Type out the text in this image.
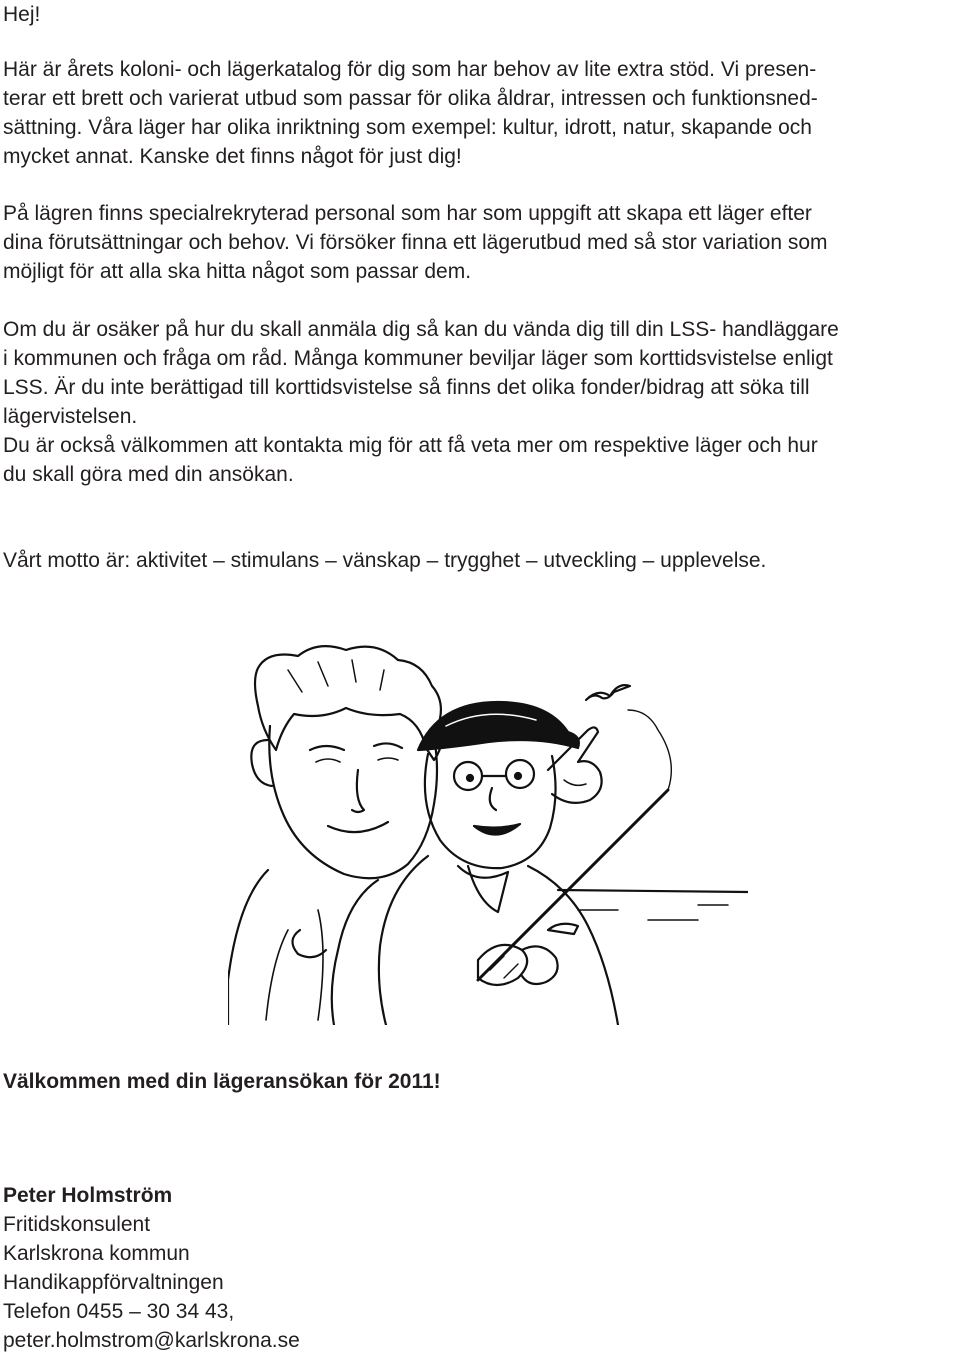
Hej!

Här är årets koloni- och lägerkatalog för dig som har behov av lite extra stöd. Vi presen-

terar ett brett och varierat utbud som passar för olika åldrar, intressen och funktionsned-

sättning. Våra läger har olika inriktning som exempel: kultur, idrott, natur, skapande och

mycket annat. Kanske det finns något för just dig!

På lägren finns specialrekryterad personal som har som uppgift att skapa ett läger efter

dina förutsättningar och behov. Vi försöker finna ett lägerutbud med så stor variation som

möjligt för att alla ska hitta något som passar dem.

Om du är osäker på hur du skall anmäla dig så kan du vända dig till din LSS- handläggare

i kommunen och fråga om råd. Många kommuner beviljar läger som korttidsvistelse enligt

LSS. Är du inte berättigad till korttidsvistelse så finns det olika fonder/bidrag att söka till

lägervistelsen.

Du är också välkommen att kontakta mig för att få veta mer om respektive läger och hur

du skall göra med din ansökan.

Vårt motto är: aktivitet – stimulans – vänskap – trygghet – utveckling – upplevelse.

Välkommen med din lägeransökan för 2011!

Peter Holmström

Fritidskonsulent

Karlskrona kommun

Handikappförvaltningen

Telefon 0455 – 30 34 43,

peter.holmstrom@karlskrona.se
